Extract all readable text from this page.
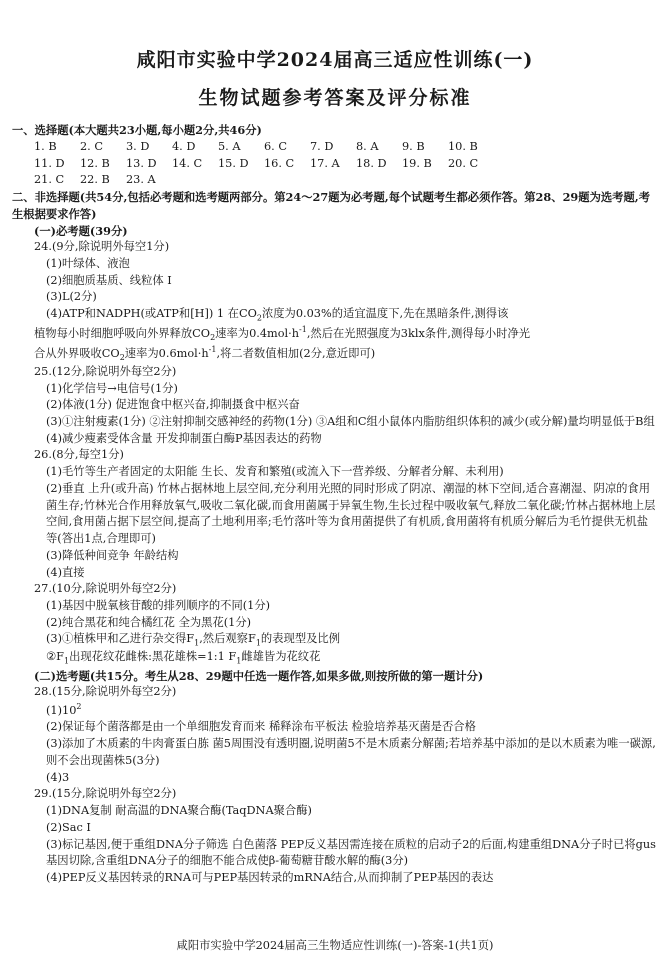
咸阳市实验中学2024届高三适应性训练(一)
生物试题参考答案及评分标准
一、选择题(本大题共23小题,每小题2分,共46分)
1. B	2. C	3. D	4. D	5. A	6. C	7. D	8. A	9. B	10. B
11. D	12. B	13. D	14. C	15. D	16. C	17. A	18. D	19. B	20. C
21. C	22. B	23. A
二、非选择题(共54分,包括必考题和选考题两部分。第24～27题为必考题,每个试题考生都必须作答。第28、29题为选考题,考生根据要求作答)
(一)必考题(39分)
24.(9分,除说明外每空1分)
(1)叶绿体、液泡
(2)细胞质基质、线粒体 Ⅰ
(3)L(2分)
(4)ATP和NADPH(或ATP和[H]) 1 在$CO_2$浓度为0.03%的适宜温度下,先在黑暗条件,测得该
植物每小时细胞呼吸向外界释放$CO_2$速率为$0.4mol\cdot h^{-1}$,然后在光照强度为3klx条件,测得每小时净光
合从外界吸收$CO_2$速率为$0.6mol\cdot h^{-1}$,将二者数值相加(2分,意近即可)
25.(12分,除说明外每空2分)
(1)化学信号→电信号(1分)
(2)体液(1分) 促进饱食中枢兴奋,抑制摄食中枢兴奋
(3)①注射瘦素(1分) ②注射抑制交感神经的药物(1分) ③A组和C组小鼠体内脂肪组织体积的减少(或分解)量均明显低于B组
(4)减少瘦素受体含量 开发抑制蛋白酶P基因表达的药物
26.(8分,每空1分)
(1)毛竹等生产者固定的太阳能 生长、发育和繁殖(或流入下一营养级、分解者分解、未利用)
(2)垂直 上升(或升高) 竹林占据林地上层空间,充分利用光照的同时形成了阴凉、潮湿的林下空间,适合喜潮湿、阴凉的食用菌生存;竹林光合作用释放氧气,吸收二氧化碳,而食用菌属于异氧生物,生长过程中吸收氧气,释放二氧化碳;竹林占据林地上层空间,食用菌占据下层空间,提高了土地利用率;毛竹落叶等为食用菌提供了有机质,食用菌将有机质分解后为毛竹提供无机盐等(答出1点,合理即可)
(3)降低种间竞争 年龄结构
(4)直接
27.(10分,除说明外每空2分)
(1)基因中脱氧核苷酸的排列顺序的不同(1分)
(2)纯合黑花和纯合橘红花 全为黑花(1分)
(3)①植株甲和乙进行杂交得$F_1$,然后观察$F_1$的表现型及比例
$②F_1$出现花纹花雌株:黑花雄株=1:1 $F_1$雌雄皆为花纹花
(二)选考题(共15分。考生从28、29题中任选一题作答,如果多做,则按所做的第一题计分)
28.(15分,除说明外每空2分)
$(1)10^2$
(2)保证每个菌落都是由一个单细胞发育而来 稀释涂布平板法 检验培养基灭菌是否合格
(3)添加了木质素的牛肉膏蛋白胨 菌5周围没有透明圈,说明菌5不是木质素分解菌;若培养基中添加的是以木质素为唯一碳源,则不会出现菌株5(3分)
(4)3
29.(15分,除说明外每空2分)
(1)DNA复制 耐高温的DNA聚合酶(TaqDNA聚合酶)
(2)Sac Ⅰ
(3)标记基因,便于重组DNA分子筛选 白色菌落 PEP反义基因需连接在质粒的启动子2的后面,构建重组DNA分子时已将gus基因切除,含重组DNA分子的细胞不能合成使β-葡萄糖苷酸水解的酶(3分)
(4)PEP反义基因转录的RNA可与PEP基因转录的mRNA结合,从而抑制了PEP基因的表达
咸阳市实验中学2024届高三生物适应性训练(一)-答案-1(共1页)
